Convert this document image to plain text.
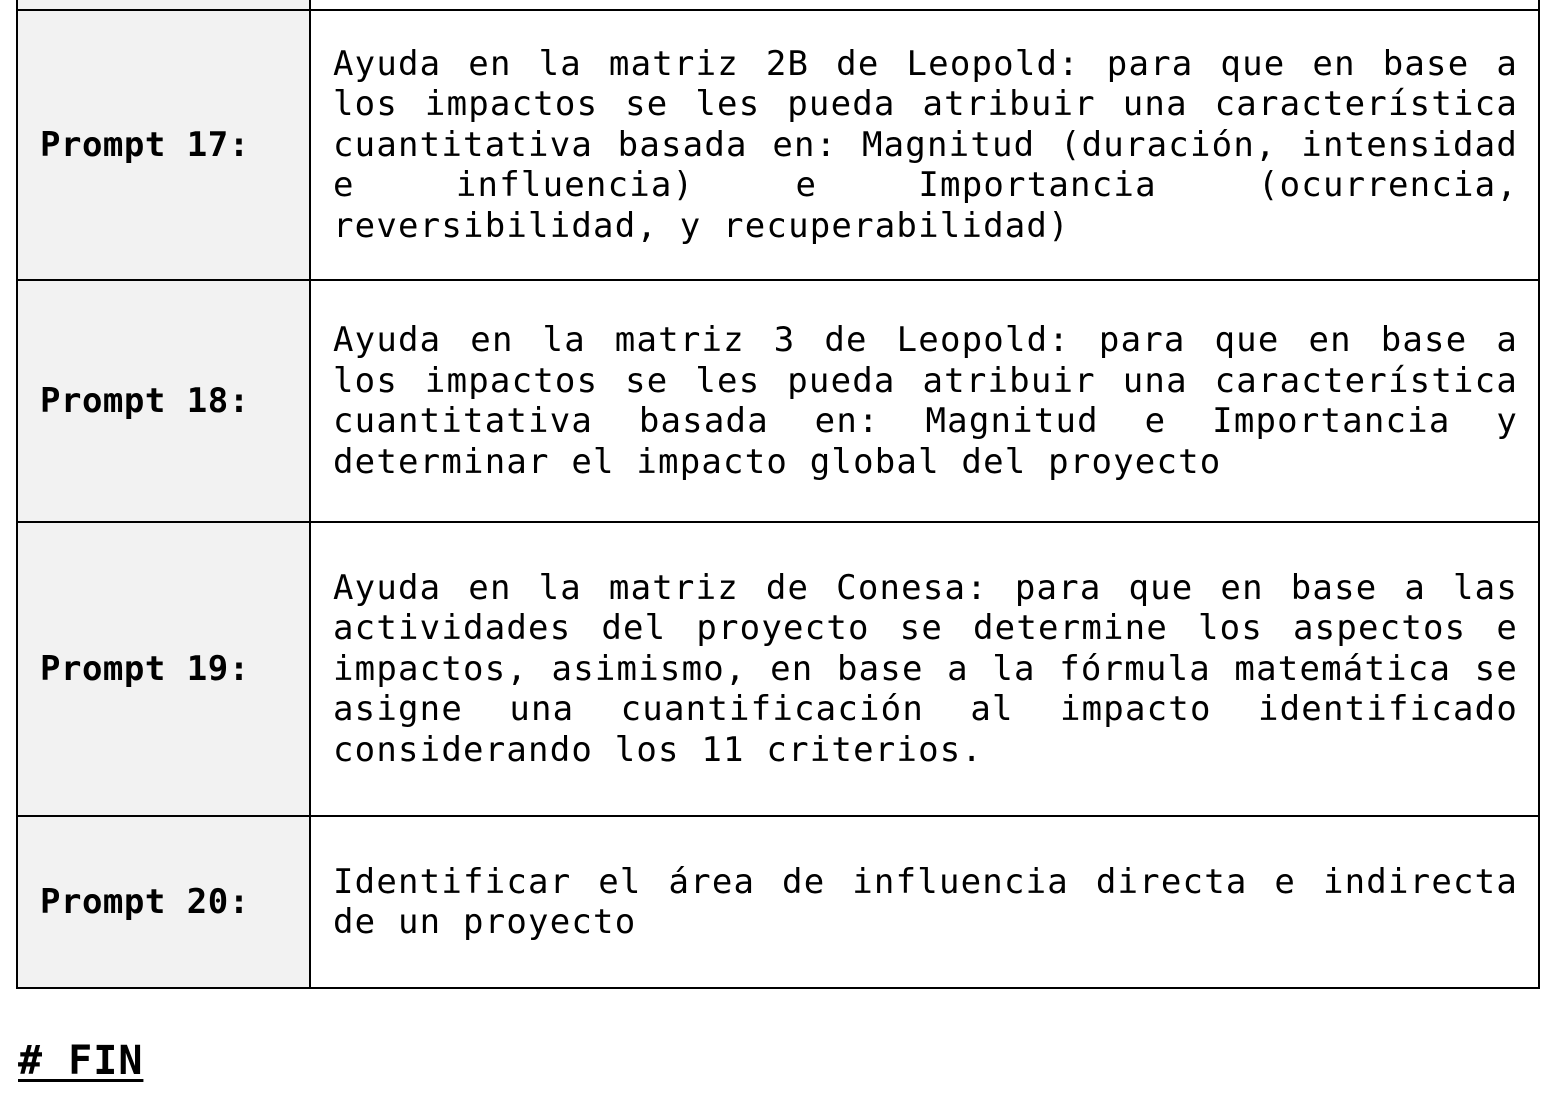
Prompt 17:	Ayuda en la matriz 2B de Leopold: para que en base a los impactos se les pueda atribuir una característica cuantitativa basada en: Magnitud (duración, intensidad e influencia) e Importancia (ocurrencia, reversibilidad, y recuperabilidad)
Prompt 18:	Ayuda en la matriz 3 de Leopold: para que en base a los impactos se les pueda atribuir una característica cuantitativa basada en: Magnitud e Importancia y determinar el impacto global del proyecto
Prompt 19:	Ayuda en la matriz de Conesa: para que en base a las actividades del proyecto se determine los aspectos e impactos, asimismo, en base a la fórmula matemática se asigne una cuantificación al impacto identificado considerando los 11 criterios.
Prompt 20:	Identificar el área de influencia directa e indirecta de un proyecto
# FIN
